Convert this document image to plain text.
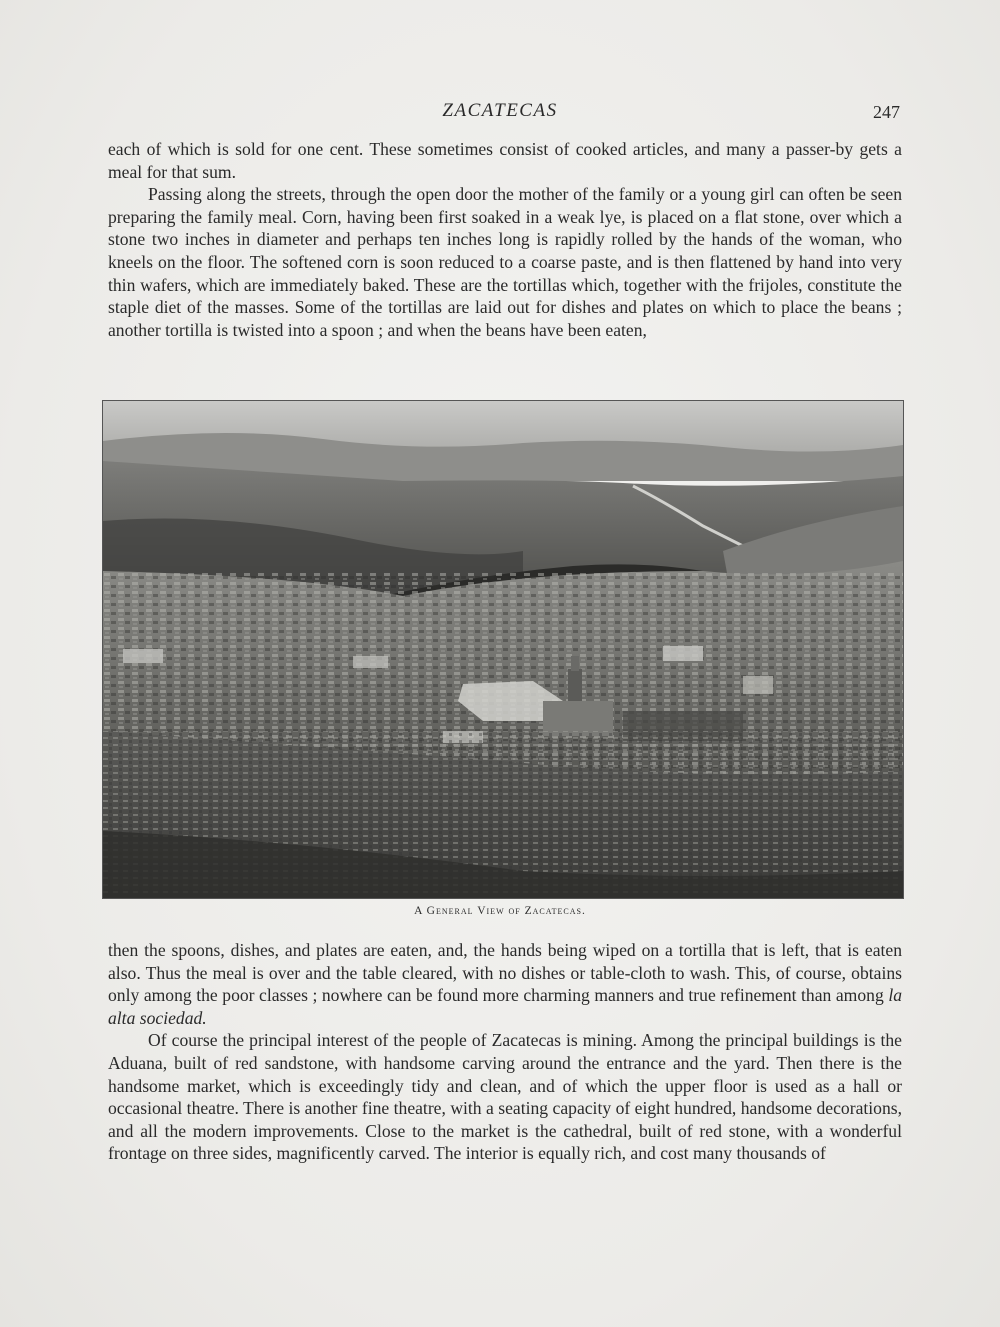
ZACATECAS	247

each of which is sold for one cent. These sometimes consist of cooked articles, and many a passer-by gets a meal for that sum.

Passing along the streets, through the open door the mother of the family or a young girl can often be seen preparing the family meal. Corn, having been first soaked in a weak lye, is placed on a flat stone, over which a stone two inches in diameter and perhaps ten inches long is rapidly rolled by the hands of the woman, who kneels on the floor. The softened corn is soon reduced to a coarse paste, and is then flattened by hand into very thin wafers, which are immediately baked. These are the tortillas which, together with the frijoles, constitute the staple diet of the masses. Some of the tortillas are laid out for dishes and plates on which to place the beans ; another tortilla is twisted into a spoon ; and when the beans have been eaten,

A General View of Zacatecas.

then the spoons, dishes, and plates are eaten, and, the hands being wiped on a tortilla that is left, that is eaten also. Thus the meal is over and the table cleared, with no dishes or table-cloth to wash. This, of course, obtains only among the poor classes ; nowhere can be found more charming manners and true refinement than among la alta sociedad.

Of course the principal interest of the people of Zacatecas is mining. Among the principal buildings is the Aduana, built of red sandstone, with handsome carving around the entrance and the yard. Then there is the handsome market, which is exceedingly tidy and clean, and of which the upper floor is used as a hall or occasional theatre. There is another fine theatre, with a seating capacity of eight hundred, handsome decorations, and all the modern improvements. Close to the market is the cathedral, built of red stone, with a wonderful frontage on three sides, magnificently carved. The interior is equally rich, and cost many thousands of
